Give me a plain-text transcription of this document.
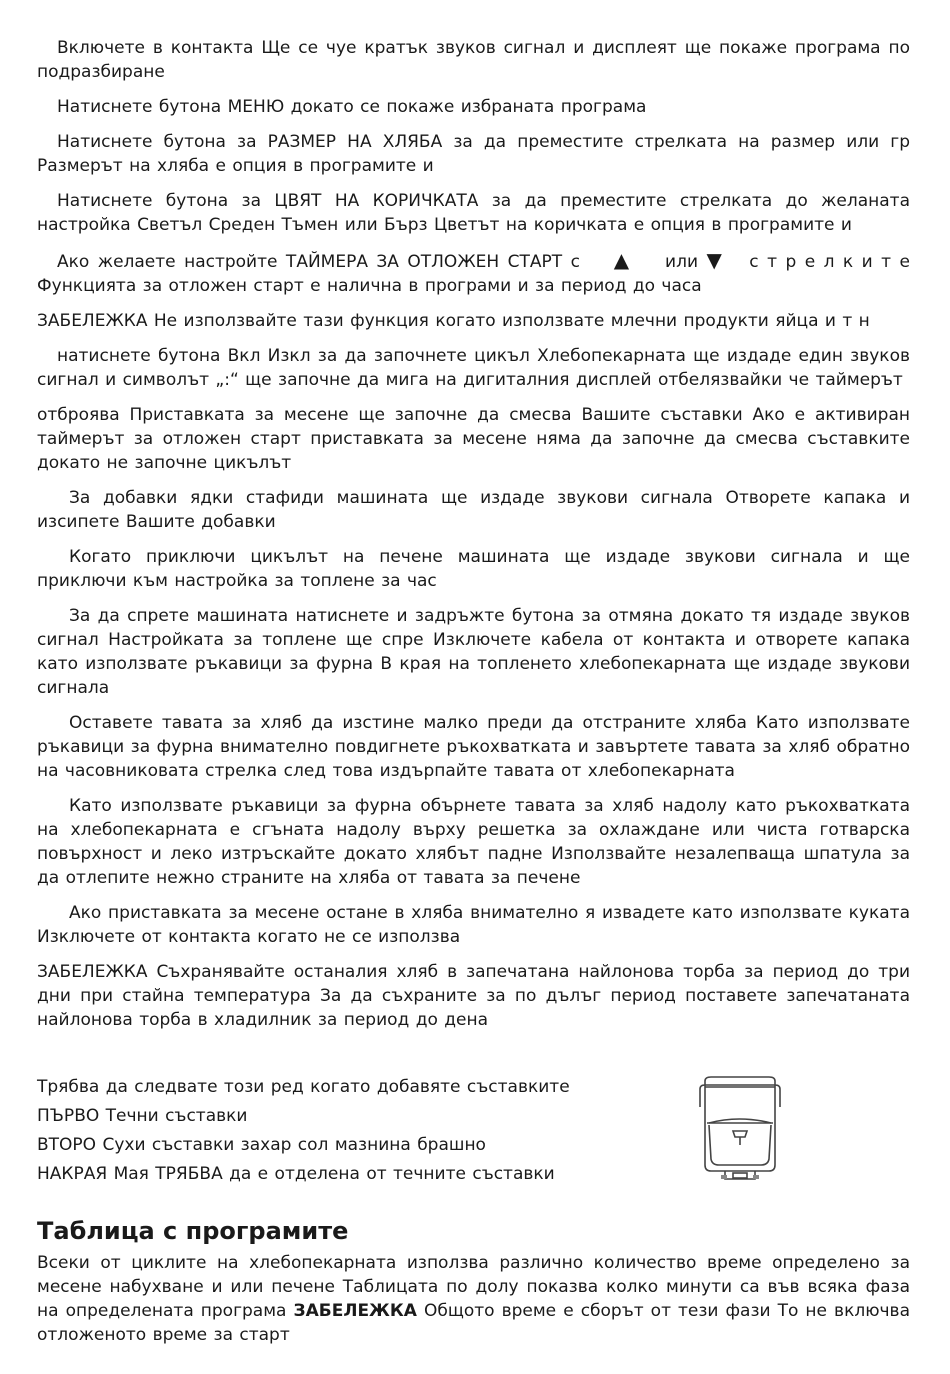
Включете в контакта Ще се чуе кратък звуков сигнал и дисплеят ще покаже програма по подразбиране

Натиснете бутона МЕНЮ докато се покаже избраната програма

Натиснете бутона за РАЗМЕР НА ХЛЯБА за да преместите стрелката на размер или гр Размерът на хляба е опция в програмите и

Натиснете бутона за ЦВЯТ НА КОРИЧКАТА за да преместите стрелката до желаната настройка Светъл Среден Тъмен или Бърз Цветът на коричката е опция в програмите и

Ако желаете настройте ТАЙМЕРА ЗА ОТЛОЖЕН СТАРТ с ▲ или ▼ с т р е л к и т е Функцията за отложен старт е налична в програми и за период до часа

ЗАБЕЛЕЖКА Не използвайте тази функция когато използвате млечни продукти яйца и т н

натиснете бутона Вкл Изкл за да започнете цикъл Хлебопекарната ще издаде един звуков сигнал и символът „:“ ще започне да мига на дигиталния дисплей отбелязвайки че таймерът

отброява Приставката за месене ще започне да смесва Вашите съставки Ако е активиран таймерът за отложен старт приставката за месене няма да започне да смесва съставките докато не започне цикълът

За добавки ядки стафиди машината ще издаде звукови сигнала Отворете капака и изсипете Вашите добавки

Когато приключи цикълът на печене машината ще издаде звукови сигнала и ще приключи към настройка за топлене за час

За да спрете машината натиснете и задръжте бутона за отмяна докато тя издаде звуков сигнал Настройката за топлене ще спре Изключете кабела от контакта и отворете капака като използвате ръкавици за фурна В края на топленето хлебопекарната ще издаде звукови сигнала

Оставете тавата за хляб да изстине малко преди да отстраните хляба Като използвате ръкавици за фурна внимателно повдигнете ръкохватката и завъртете тавата за хляб обратно на часовниковата стрелка след това издърпайте тавата от хлебопекарната

Като използвате ръкавици за фурна обърнете тавата за хляб надолу като ръкохватката на хлебопекарната е сгъната надолу върху решетка за охлаждане или чиста готварска повърхност и леко изтръскайте докато хлябът падне Използвайте незалепваща шпатула за да отлепите нежно страните на хляба от тавата за печене

Ако приставката за месене остане в хляба внимателно я извадете като използвате куката Изключете от контакта когато не се използва

ЗАБЕЛЕЖКА Съхранявайте останалия хляб в запечатана найлонова торба за период до три дни при стайна температура За да съхраните за по дълъг период поставете запечатаната найлонова торба в хладилник за период до дена

Трябва да следвате този ред когато добавяте съставките

ПЪРВО Течни съставки

ВТОРО Сухи съставки захар сол мазнина брашно

НАКРАЯ Мая ТРЯБВА да е отделена от течните съставки

Таблица с програмите

Всеки от циклите на хлебопекарната използва различно количество време определено за месене набухване и или печене Таблицата по долу показва колко минути са във всяка фаза на определената програма ЗАБЕЛЕЖКА Общото време е сборът от тези фази То не включва отложеното време за старт
